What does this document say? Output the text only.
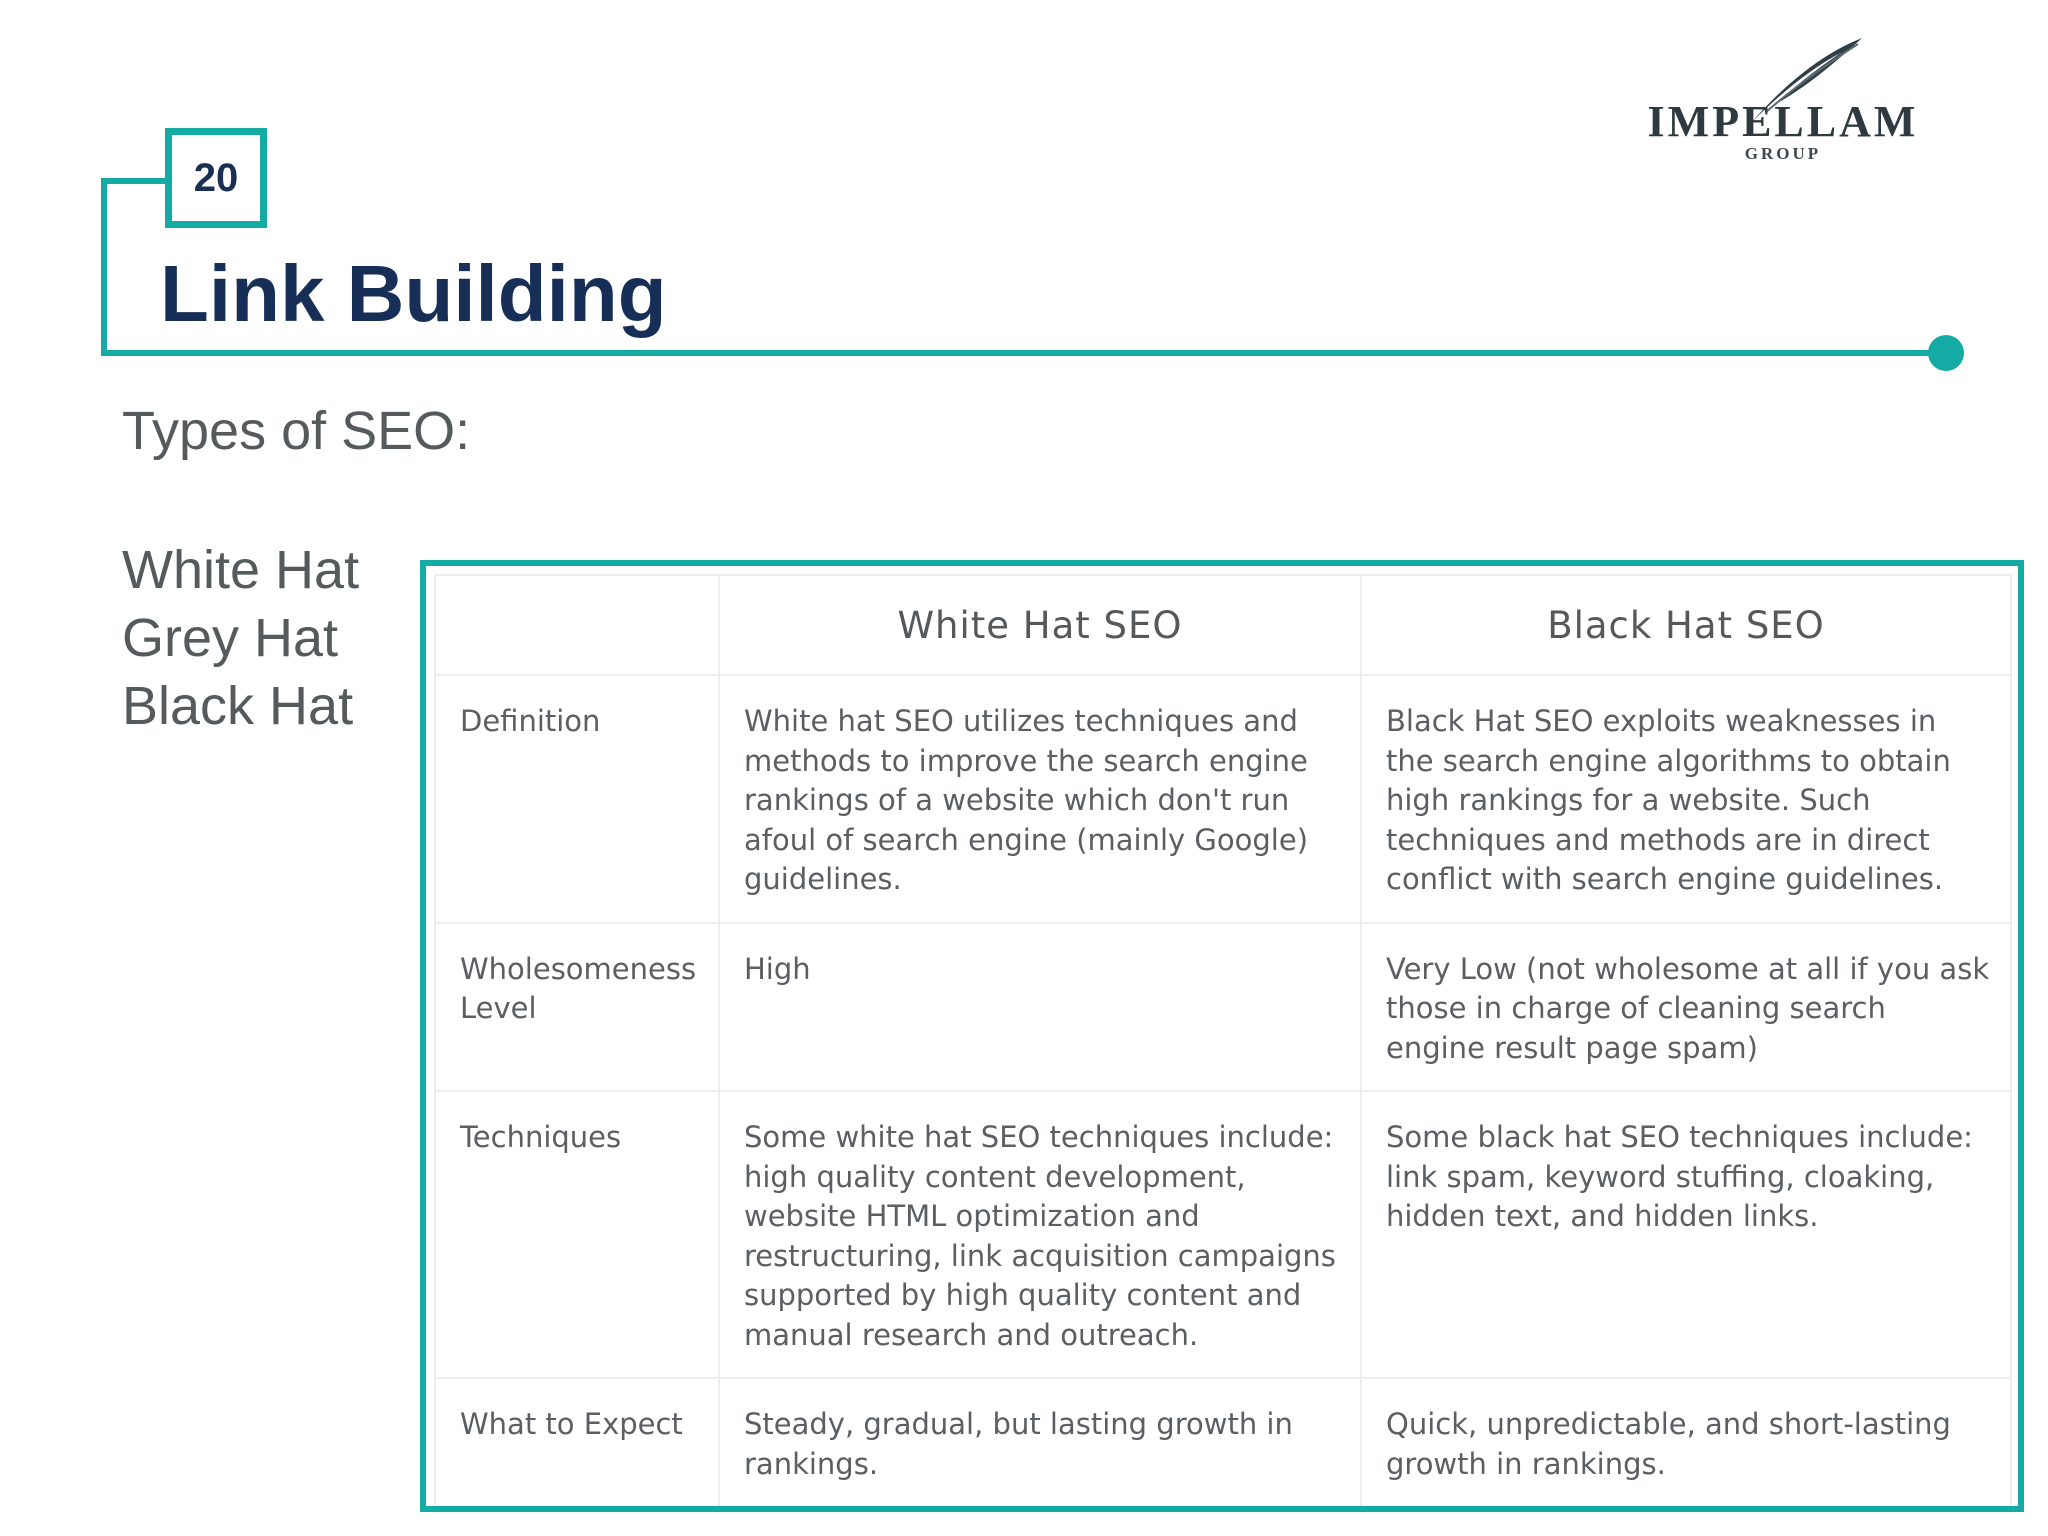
IMPELLAM
GROUP
20
Link Building
Types of SEO:
White Hat
Grey Hat
Black Hat
	White Hat SEO	Black Hat SEO
Definition	White hat SEO utilizes techniques and methods to improve the search engine rankings of a website which don't run afoul of search engine (mainly Google) guidelines.	Black Hat SEO exploits weaknesses in the search engine algorithms to obtain high rankings for a website. Such techniques and methods are in direct conflict with search engine guidelines.
Wholesomeness Level	High	Very Low (not wholesome at all if you ask those in charge of cleaning search engine result page spam)
Techniques	Some white hat SEO techniques include: high quality content development, website HTML optimization and restructuring, link acquisition campaigns supported by high quality content and manual research and outreach.	Some black hat SEO techniques include: link spam, keyword stuffing, cloaking, hidden text, and hidden links.
What to Expect	Steady, gradual, but lasting growth in rankings.	Quick, unpredictable, and short-lasting growth in rankings.
